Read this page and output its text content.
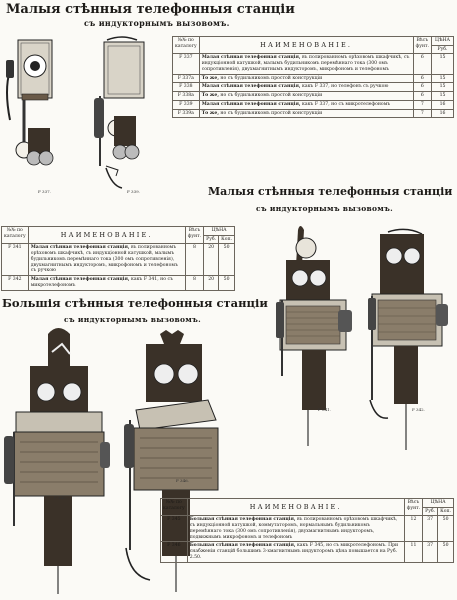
Малыя стѣнныя телефонныя станціи
съ индукторнымъ вызовомъ.
F 337.	F 339.
№№ по каталогу	НАИМЕНОВАНІЕ.	Вѣсъ фунт.	ЦѢНА
			Руб.
F 337	Малая стѣнная телефонная станція, въ полированномъ орѣховомъ шкафчикѣ, съ индукціонной катушкой, малымъ будильникомъ перемѣннаго тока (300 омъ сопротивленія), двухмагнитнымъ индукторомъ, микрофономъ и телефономъ	6	15
F 337a	То же, но съ будильникомъ простой конструкціи	6	15
F 338	Малая стѣнная телефонная станція, какъ F 337, но телефонъ съ ручкою	6	15
F 338a	То же, но съ будильникомъ простой конструкціи	6	15
F 339	Малая стѣнная телефонная станція, какъ F 337, но съ микротелефономъ	7	16
F 339a	То же, но съ будильникомъ простой конструкціи	7	16
Малыя стѣнныя телефонныя станціи
съ индукторнымъ вызовомъ.
№№ по каталогу	НАИМЕНОВАНІЕ.	Вѣсъ фунт.	ЦѢНА	
			Руб.	Коп.
F 341	Малая стѣнная телефонная станція, въ полированномъ орѣховомъ шкафчикѣ, съ индукціонной катушкой, малымъ будильникомъ перемѣннаго тока (300 омъ сопротивленія), двухмагнитнымъ индукторомъ, микрофономъ и телефономъ съ ручкою	8	20	50
F 342	Малая стѣнная телефонная станція, какъ F 341, но съ микротелефономъ	8	20	50
F 341.	F 342.
Большія стѣнныя телефонныя станціи
съ индукторнымъ вызовомъ.
F 345.
F 346.
№№ по каталогу	НАИМЕНОВАНІЕ.	Вѣсъ фунт.	ЦѢНА	
			Руб.	Коп.
F 345	Большая стѣнная телефонная станція, въ полированномъ орѣховомъ шкафчикѣ, съ индукціонной катушкой, коммутаторомъ, нормальнымъ будильникомъ перемѣннаго тока (300 омъ сопротивленія), двухмагнитнымъ индукторомъ, подвижнымъ микрофономъ и телефономъ	12	37	50
F 346	Большая стѣнная телефонная станція, какъ F 345, но съ микротелефономъ. При снабженіи станцій большимъ 3-хмагнитнымъ индукторомъ цѣна повышается на Руб. 2.50.	11	37	50
